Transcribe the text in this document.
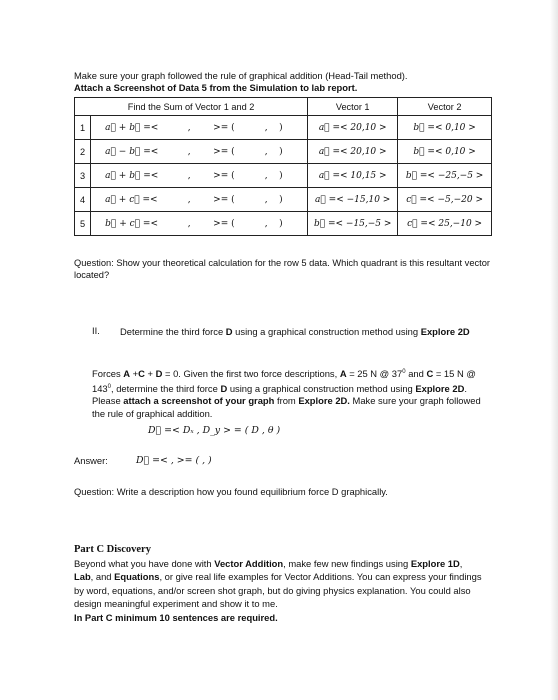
Make sure your graph followed the rule of graphical addition (Head-Tail method).
Attach a Screenshot of Data 5 from the Simulation to lab report.
Find the Sum of Vector 1 and 2		Vector 1	Vector 2
1	a⃗ + b⃗ =< , >= ( , )	a⃗ =< 20,10 >	b⃗ =< 0,10 >
2	a⃗ − b⃗ =< , >= ( , )	a⃗ =< 20,10 >	b⃗ =< 0,10 >
3	a⃗ + b⃗ =< , >= ( , )	a⃗ =< 10,15 >	b⃗ =< −25,−5 >
4	a⃗ + c⃗ =< , >= ( , )	a⃗ =< −15,10 >	c⃗ =< −5,−20 >
5	b⃗ + c⃗ =< , >= ( , )	b⃗ =< −15,−5 >	c⃗ =< 25,−10 >
Question: Show your theoretical calculation for the row 5 data. Which quadrant is this resultant vector located?
II. Determine the third force D using a graphical construction method using Explore 2D
Forces A +C + D = 0. Given the first two force descriptions, A = 25 N @ $37^0$ and C = 15 N @ $143^0$, determine the third force D using a graphical construction method using Explore 2D. Please attach a screenshot of your graph from Explore 2D. Make sure your graph followed the rule of graphical addition.
D⃗ =< Dₓ , D_y > = ( D , θ )
Answer:	D⃗ =< , >= ( , )
Question: Write a description how you found equilibrium force D graphically.
Part C Discovery
Beyond what you have done with Vector Addition, make few new findings using Explore 1D, Lab, and Equations, or give real life examples for Vector Additions. You can express your findings by word, equations, and/or screen shot graph, but do giving physics explanation. You could also design meaningful experiment and show it to me.
In Part C minimum 10 sentences are required.
